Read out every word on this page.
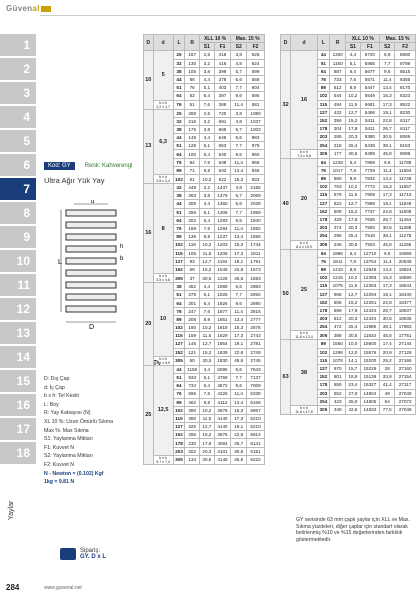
Güvenal
1
2
3
4
5
6
7
8
9
10
11
12
13
14
15
16
17
18
Yaylar
284	www.guvenal.net
Kod: GY	Renk: Kahverengi
Ultra Ağır Yük Yay
L
D
d
h
b
D: Dış Çap
d: İç Çap
b x h: Tel Kesiti
L: Boy
R: Yay Katsayısı (N)
XL 10 %: Uzun Ömürlü Sıkma
Max %: Max Sıkma
S1: Yaylanma Miktarı
F1: Kuvvet N
S2: Yaylanma Miktarı
F2: Kuvvet N
N - Newton = (0.102) Kgf
1kg = 9.81 N
Sipariş:
GY. D x L
D	d	L	R	XLL 10 %		Max. 15 %	
				S1	F1	S2	F2
10	5	25	167	2,5	418	3,8	626
		32	130	3,2	416	4,8	624
		38	105	3,8	399	5,7	599
		44	86	4,4	378	6,6	568
		51	76	5,1	403	7,7	604
		64	62	6,4	397	9,6	595
	b x h
2,2 x 2,7	76	51	7,6	388	11,4	581
13	6,3	25	288	2,5	720	3,8	1080
		32	216	3,2	691	4,8	1037
		38	175	3,8	669	5,7	1003
		44	149	4,4	646	6,6	983
		51	128	5,1	653	7,7	979
		64	100	6,4	640	9,6	960
		76	84	7,6	638	11,4	958
		89	71	8,9	632	13,4	948
	b x h
2,8 x 3,4	102	61	10,2	622	15,3	933
16	8	32	449	3,2	1437	4,8	2155
		38	363	3,8	1379	5,7	2069
		44	309	4,4	1360	6,6	2039
		51	256	5,1	1306	7,7	1959
		64	202	6,4	1293	9,6	1940
		76	169	7,6	1284	11,4	1892
		89	139	8,9	1237	13,4	1856
		102	118	10,2	1203	15,3	1744
		115	105	11,5	1208	17,3	1811
		127	93	12,7	1194	19,1	1791
		152	69	15,2	1049	22,8	1573
	b x h
3,5 x 4,6	305	37	30,5	1129	45,8	1693
20	10	38	452	4,4	1989	6,6	2983
		51	378	5,1	1928	7,7	2892
		64	301	6,4	1926	9,6	2890
		76	247	7,6	1877	11,4	2816
		89	208	8,9	1851	13,4	2777
		102	180	10,2	1918	15,3	2876
		115	159	11,5	1829	17,3	2743
		127	146	12,7	1854	19,1	2781
		152	121	15,2	1839	22,8	2749
	b x h
4,1 x 5,9	305	60	30,5	1830	45,8	2745
25	12,5	44	1158	4,4	5095	6,6	7643
		51	933	5,1	4758	7,7	7137
		64	734	6,4	4672	9,6	7008
		76	596	7,6	4226	11,4	6338
		89	462	8,9	4112	13,4	6168
		102	390	10,2	3978	15,3	5967
		115	360	11,5	4140	17,3	6210
		127	325	12,7	4140	19,1	6210
		152	255	15,2	3876	22,8	5814
		178	230	17,8	4094	26,7	6141
		203	202	20,3	4101	30,5	6151
	b x h
5,7 x 7,4	305	134	30,5	4148	45,8	6222
D	d	L	R	XLL 10 %		Max. 15 %	
				S1	F1	S2	F2
32	16	44	1300	4,4	5720	6,6	8580
		51	1150	5,1	5865	7,7	8798
		64	887	6,4	5677	9,6	8515
		76	733	7,6	5571	11,4	8356
		89	612	8,9	5447	13,4	8170
		102	544	10,2	5549	15,3	8323
		115	494	11,5	5681	17,3	8522
		127	432	12,7	5486	19,1	8230
		152	356	15,2	5411	22,8	8117
		178	304	17,8	5411	26,7	8117
		203	285	20,3	5380	30,5	8069
		254	218	25,4	5436	38,1	8153
	b x h
7,4 x 8,8	305	177	30,5	5399	45,8	8098
40	20	64	1228	6,4	7859	9,6	11789
		76	1017	7,6	7729	11,4	11594
		89	880	8,9	7832	13,4	11748
		102	763	10,2	7772	15,3	11657
		115	679	11,5	7809	17,3	11713
		127	622	12,7	7899	19,1	11849
		152	509	15,2	7737	22,8	11605
		178	429	17,8	7636	26,7	11454
		203	374	20,3	7592	30,5	11388
		254	296	25,4	7518	38,1	11278
	b x h
8,4 x 10,9	305	246	30,5	7503	45,8	11255
50	25	64	1986	6,4	12710	9,6	19066
		76	1811	7,6	13764	11,4	20645
		89	1410	8,9	12549	13,4	18824
		102	1215	10,2	12393	15,3	18590
		115	1075	11,5	12363	17,3	18544
		127	968	12,7	12294	19,1	18440
		152	806	15,2	12251	22,8	18377
		178	698	17,8	12424	26,7	18637
		203	612	20,3	12424	30,5	18635
		254	472	25,4	11989	38,1	17983
	b x h
11,8 x 13,4	305	388	30,5	11834	45,8	17751
63	38	89	1560	10,0	15600	17,4	27144
		102	1298	12,0	15576	20,9	27128
		115	1078	14,1	15200	25,2	27166
		127	970	15,7	15229	28	27160
		152	801	18,9	15139	33,9	27154
		178	655	23,4	15327	41,4	27117
		203	552	27,0	14904	49	27048
		254	423	35,0	14805	64	27072
	b x h
11,8 x 17,8	305	349	42,5	14833	77,5	27048
GY serisinde 63 mm çaplı yaylar için XLL ve Max. Sıkma yüzdeleri, diğer çaplar için standart olarak belirlenmiş %10 ve %15 değerlerinden farklılık göstermektedir.
